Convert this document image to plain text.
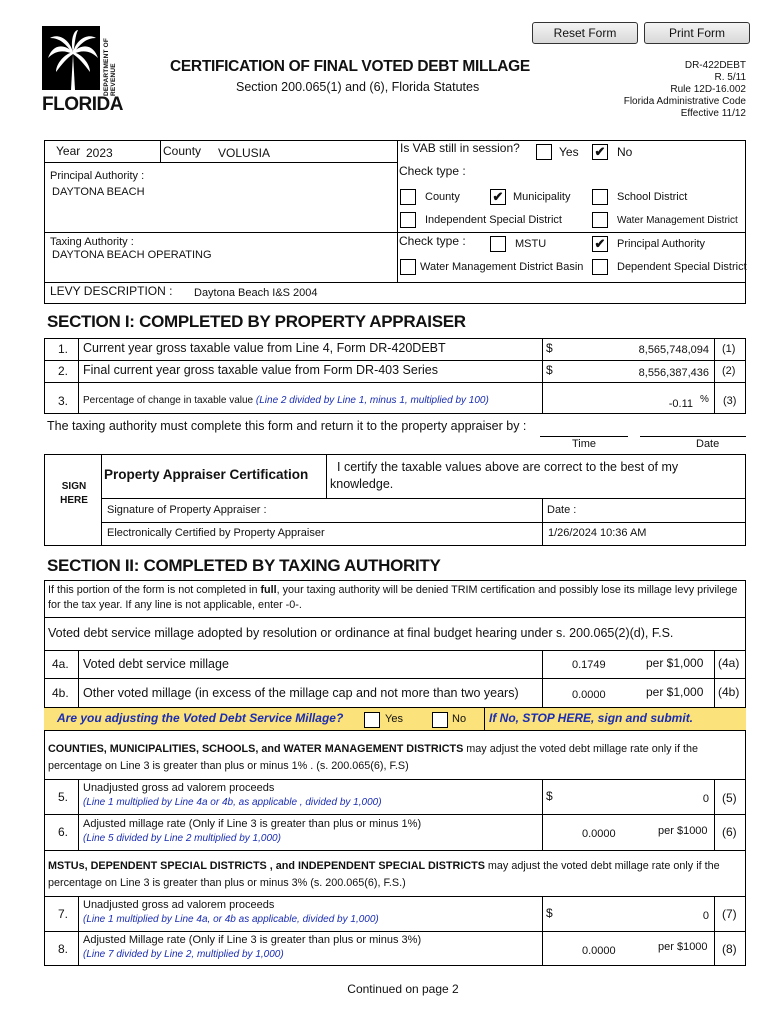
Reset Form	Print Form
DEPARTMENT OF REVENUE
FLORIDA
CERTIFICATION OF FINAL VOTED DEBT MILLAGE
Section 200.065(1) and (6), Florida Statutes
DR-422DEBT
R. 5/11
Rule 12D-16.002
Florida Administrative Code
Effective 11/12
Year 2023	County VOLUSIA	Is VAB still in session?	Yes ✔ No
Principal Authority :
DAYTONA BEACH
Check type :
County	✔ Municipality	School District
Independent Special District	Water Management District
Taxing Authority :
DAYTONA BEACH OPERATING
Check type :	MSTU	✔ Principal Authority
Water Management District Basin	Dependent Special District
LEVY DESCRIPTION : Daytona Beach I&S 2004
SECTION I: COMPLETED BY PROPERTY APPRAISER
1. Current year gross taxable value from Line 4, Form DR-420DEBT	$	8,565,748,094 (1)
2. Final current year gross taxable value from Form DR-403 Series	$	8,556,387,436 (2)
3. Percentage of change in taxable value (Line 2 divided by Line 1, minus 1, multiplied by 100)	-0.11 % (3)
The taxing authority must complete this form and return it to the property appraiser by :
Time	Date
SIGN HERE
Property Appraiser Certification	I certify the taxable values above are correct to the best of my knowledge.
Signature of Property Appraiser :
Electronically Certified by Property Appraiser
Date :
1/26/2024 10:36 AM
SECTION II: COMPLETED BY TAXING AUTHORITY
If this portion of the form is not completed in full, your taxing authority will be denied TRIM certification and possibly lose its millage levy privilege for the tax year. If any line is not applicable, enter -0-.
Voted debt service millage adopted by resolution or ordinance at final budget hearing under s. 200.065(2)(d), F.S.
4a. Voted debt service millage	0.1749	per $1,000 (4a)
4b. Other voted millage (in excess of the millage cap and not more than two years)	0.0000	per $1,000 (4b)
Are you adjusting the Voted Debt Service Millage?	Yes	No If No, STOP HERE, sign and submit.
COUNTIES, MUNICIPALITIES, SCHOOLS, and WATER MANAGEMENT DISTRICTS may adjust the voted debt millage rate only if the percentage on Line 3 is greater than plus or minus 1% . (s. 200.065(6), F.S)
5.
Unadjusted gross ad valorem proceeds
(Line 1 multiplied by Line 4a or 4b, as applicable , divided by 1,000)	$	0 (5)
6.
Adjusted millage rate (Only if Line 3 is greater than plus or minus 1%)
(Line 5 divided by Line 2 multiplied by 1,000)	0.0000	per $1000 (6)
MSTUs, DEPENDENT SPECIAL DISTRICTS , and INDEPENDENT SPECIAL DISTRICTS may adjust the voted debt millage rate only if the percentage on Line 3 is greater than plus or minus 3% (s. 200.065(6), F.S.)
7.
Unadjusted gross ad valorem proceeds
(Line 1 multiplied by Line 4a, or 4b as applicable, divided by 1,000)	$	0 (7)
8.
Adjusted Millage rate (Only if Line 3 is greater than plus or minus 3%)
(Line 7 divided by Line 2, multiplied by 1,000)	0.0000	per $1000 (8)
Continued on page 2
